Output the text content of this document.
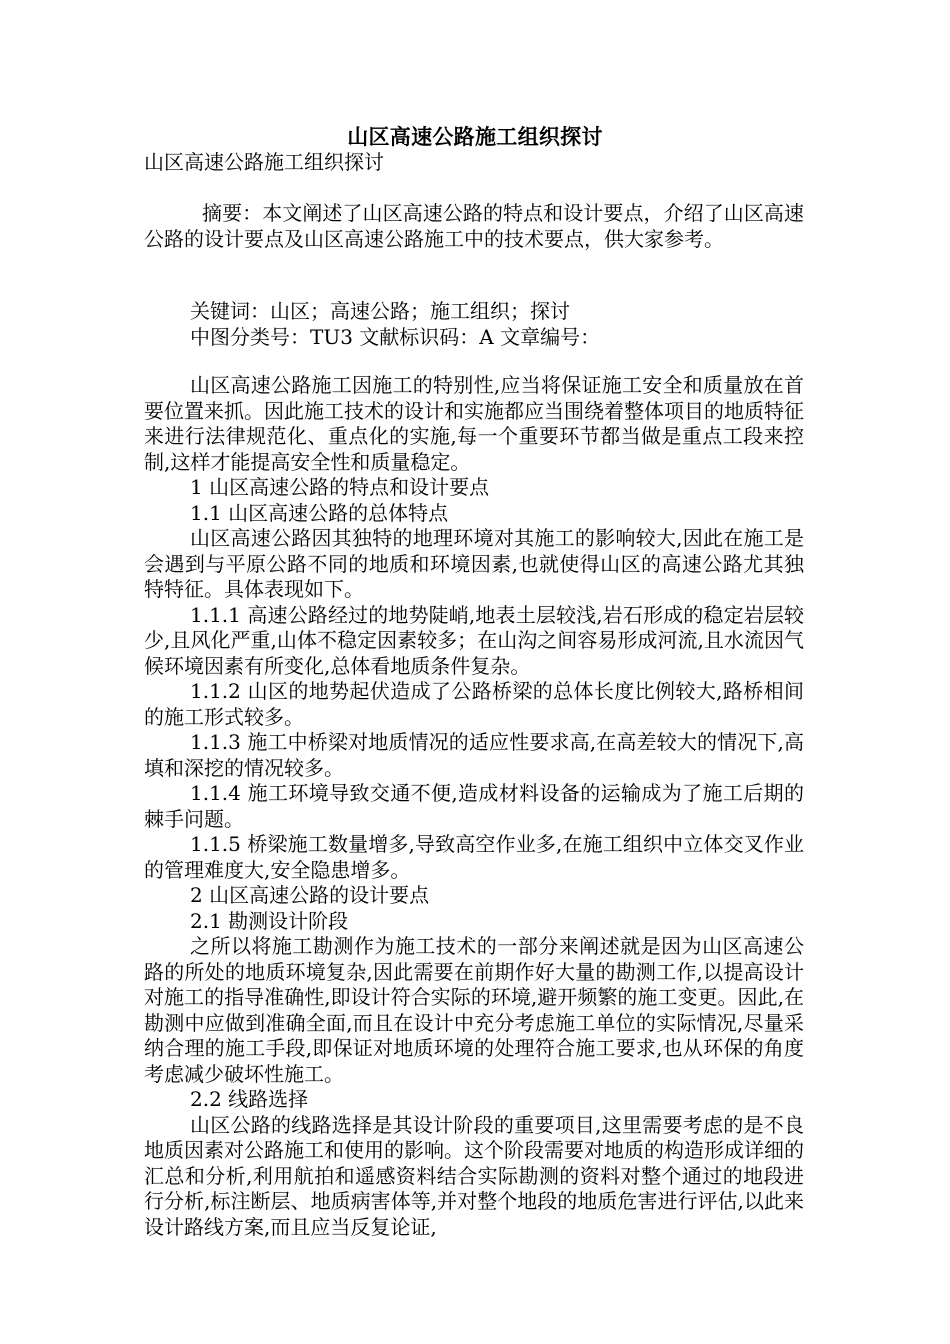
山区高速公路施工组织探讨

山区高速公路施工组织探讨

摘要：本文阐述了山区高速公路的特点和设计要点，介绍了山区高速公路的设计要点及山区高速公路施工中的技术要点，供大家参考。

关键词：山区；高速公路；施工组织；探讨

中图分类号：TU3 文献标识码：A 文章编号：

山区高速公路施工因施工的特别性,应当将保证施工安全和质量放在首要位置来抓。因此施工技术的设计和实施都应当围绕着整体项目的地质特征来进行法律规范化、重点化的实施,每一个重要环节都当做是重点工段来控制,这样才能提高安全性和质量稳定。

1 山区高速公路的特点和设计要点

1.1 山区高速公路的总体特点

山区高速公路因其独特的地理环境对其施工的影响较大,因此在施工是会遇到与平原公路不同的地质和环境因素,也就使得山区的高速公路尤其独特特征。具体表现如下。

1.1.1 高速公路经过的地势陡峭,地表土层较浅,岩石形成的稳定岩层较少,且风化严重,山体不稳定因素较多；在山沟之间容易形成河流,且水流因气候环境因素有所变化,总体看地质条件复杂。

1.1.2 山区的地势起伏造成了公路桥梁的总体长度比例较大,路桥相间的施工形式较多。

1.1.3 施工中桥梁对地质情况的适应性要求高,在高差较大的情况下,高填和深挖的情况较多。

1.1.4 施工环境导致交通不便,造成材料设备的运输成为了施工后期的棘手问题。

1.1.5 桥梁施工数量增多,导致高空作业多,在施工组织中立体交叉作业的管理难度大,安全隐患增多。

2 山区高速公路的设计要点

2.1 勘测设计阶段

之所以将施工勘测作为施工技术的一部分来阐述就是因为山区高速公路的所处的地质环境复杂,因此需要在前期作好大量的勘测工作,以提高设计对施工的指导准确性,即设计符合实际的环境,避开频繁的施工变更。因此,在勘测中应做到准确全面,而且在设计中充分考虑施工单位的实际情况,尽量采纳合理的施工手段,即保证对地质环境的处理符合施工要求,也从环保的角度考虑减少破坏性施工。

2.2 线路选择

山区公路的线路选择是其设计阶段的重要项目,这里需要考虑的是不良地质因素对公路施工和使用的影响。这个阶段需要对地质的构造形成详细的汇总和分析,利用航拍和遥感资料结合实际勘测的资料对整个通过的地段进行分析,标注断层、地质病害体等,并对整个地段的地质危害进行评估,以此来设计路线方案,而且应当反复论证,
